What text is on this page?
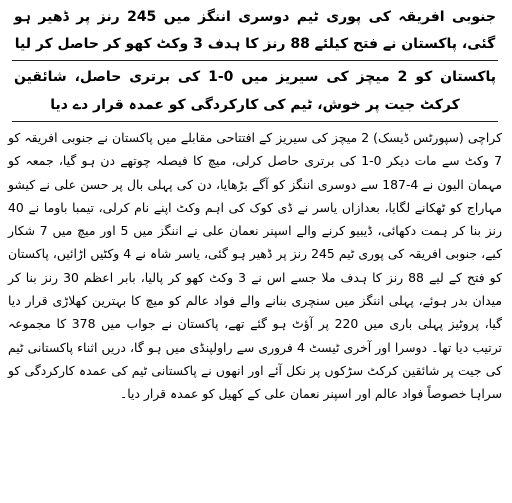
جنوبی افریقہ کی پوری ٹیم دوسری اننگز میں 245 رنز پر ڈھیر ہو گئی، پاکستان نے فتح کیلئے 88 رنز کا ہدف 3 وکٹ کھو کر حاصل کر لیا
پاکستان کو 2 میچز کی سیریز میں 0-1 کی برتری حاصل، شائقین کرکٹ جیت پر خوش، ٹیم کی کارکردگی کو عمدہ قرار دے دیا

کراچی (سپورٹس ڈیسک) 2 میچز کی سیریز کے افتتاحی مقابلے میں پاکستان نے جنوبی افریقہ کو 7 وکٹ سے مات دیکر 0-1 کی برتری حاصل کرلی، میچ کا فیصلہ چوتھے دن ہو گیا، جمعہ کو مہمان الیون نے 4-187 سے دوسری اننگز کو آگے بڑھایا، دن کی پہلی بال پر حسن علی نے کیشو مہاراج کو ٹھکانے لگایا، بعدازاں یاسر نے ڈی کوک کی اہم وکٹ اپنے نام کرلی، تیمبا باوما نے 40 رنز بنا کر ہمت دکھائی، ڈیبیو کرنے والے اسپنر نعمان علی نے اننگز میں 5 اور میچ میں 7 شکار کیے، جنوبی افریقہ کی پوری ٹیم 245 رنز پر ڈھیر ہو گئی، یاسر شاہ نے 4 وکٹیں اڑائیں، پاکستان کو فتح کے لیے 88 رنز کا ہدف ملا جسے اس نے 3 وکٹ کھو کر پالیا، بابر اعظم 30 رنز بنا کر میدان بدر ہوئے، پہلی اننگز میں سنچری بنانے والے فواد عالم کو میچ کا بہترین کھلاڑی قرار دیا گیا، پروٹیز پہلی باری میں 220 پر آؤٹ ہو گئے تھے، پاکستان نے جواب میں 378 کا مجموعہ ترتیب دیا تھا۔ دوسرا اور آخری ٹیسٹ 4 فروری سے راولپنڈی میں ہو گا، دریں اثناء پاکستانی ٹیم کی جیت پر شائقین کرکٹ سڑکوں پر نکل آئے اور انھوں نے پاکستانی ٹیم کی عمدہ کارکردگی کو سراہا خصوصاً فواد عالم اور اسپنر نعمان علی کے کھیل کو عمدہ قرار دیا۔
